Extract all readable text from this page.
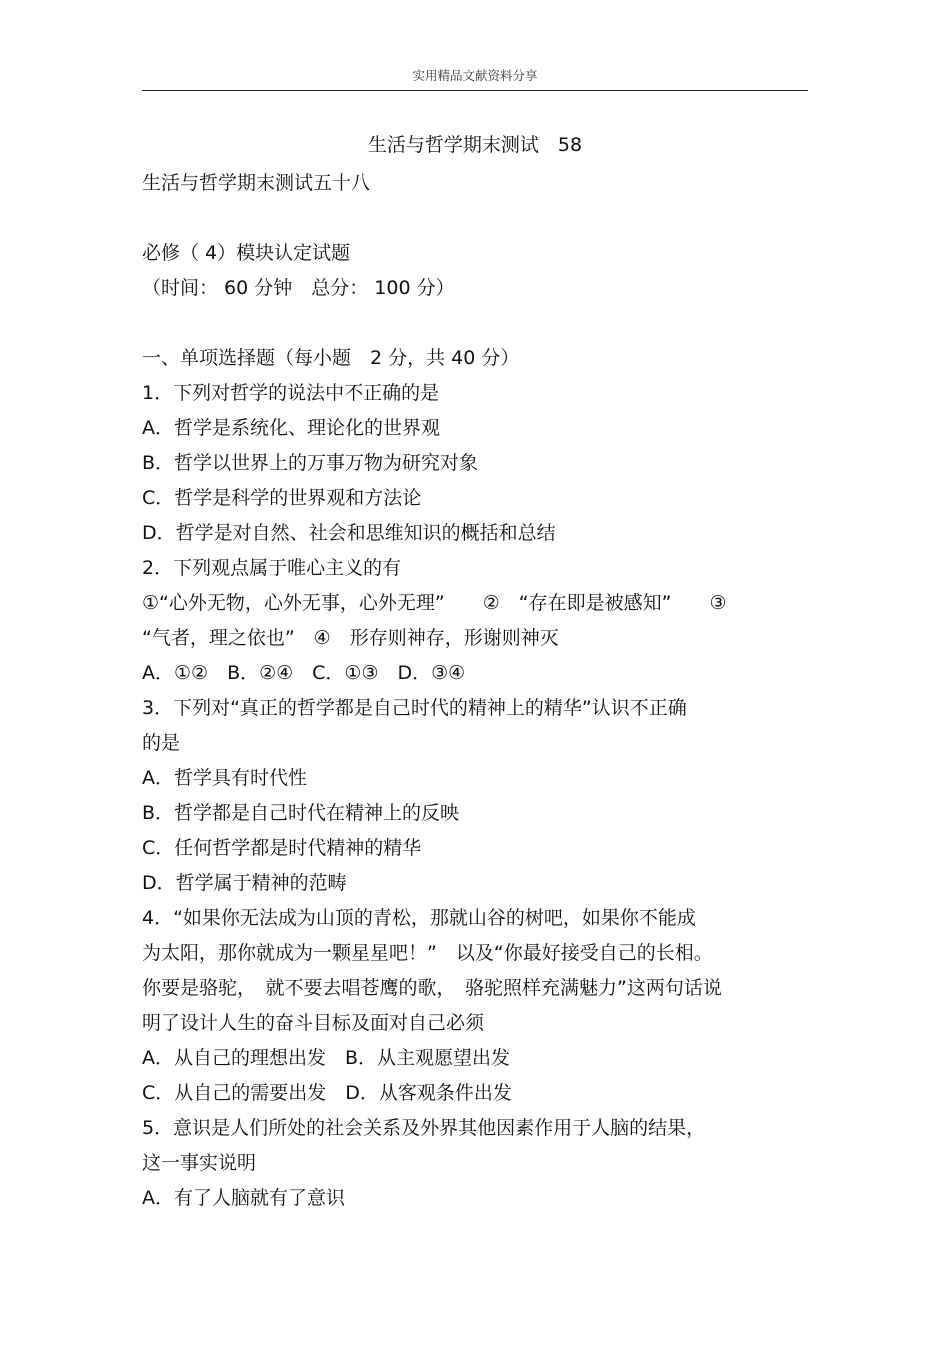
实用精品文献资料分享
生活与哲学期末测试　58
生活与哲学期末测试五十八
必修（ 4）模块认定试题
（时间： 60 分钟　总分： 100 分）
一、单项选择题（每小题　2 分，共 40 分）
1．下列对哲学的说法中不正确的是
A．哲学是系统化、理论化的世界观
B．哲学以世界上的万事万物为研究对象
C．哲学是科学的世界观和方法论
D．哲学是对自然、社会和思维知识的概括和总结
2．下列观点属于唯心主义的有
①“心外无物，心外无事，心外无理”　　②　“存在即是被感知”　　③
“气者，理之依也”　④　形存则神存，形谢则神灭
A．①②　B．②④　C．①③　D．③④
3．下列对“真正的哲学都是自己时代的精神上的精华”认识不正确
的是
A．哲学具有时代性
B．哲学都是自己时代在精神上的反映
C．任何哲学都是时代精神的精华
D．哲学属于精神的范畴
4．“如果你无法成为山顶的青松，那就山谷的树吧，如果你不能成
为太阳，那你就成为一颗星星吧！”　以及“你最好接受自己的长相。
你要是骆驼，　就不要去唱苍鹰的歌，　骆驼照样充满魅力”这两句话说
明了设计人生的奋斗目标及面对自己必须
A．从自己的理想出发　B．从主观愿望出发
C．从自己的需要出发　D．从客观条件出发
5．意识是人们所处的社会关系及外界其他因素作用于人脑的结果，
这一事实说明
A．有了人脑就有了意识
